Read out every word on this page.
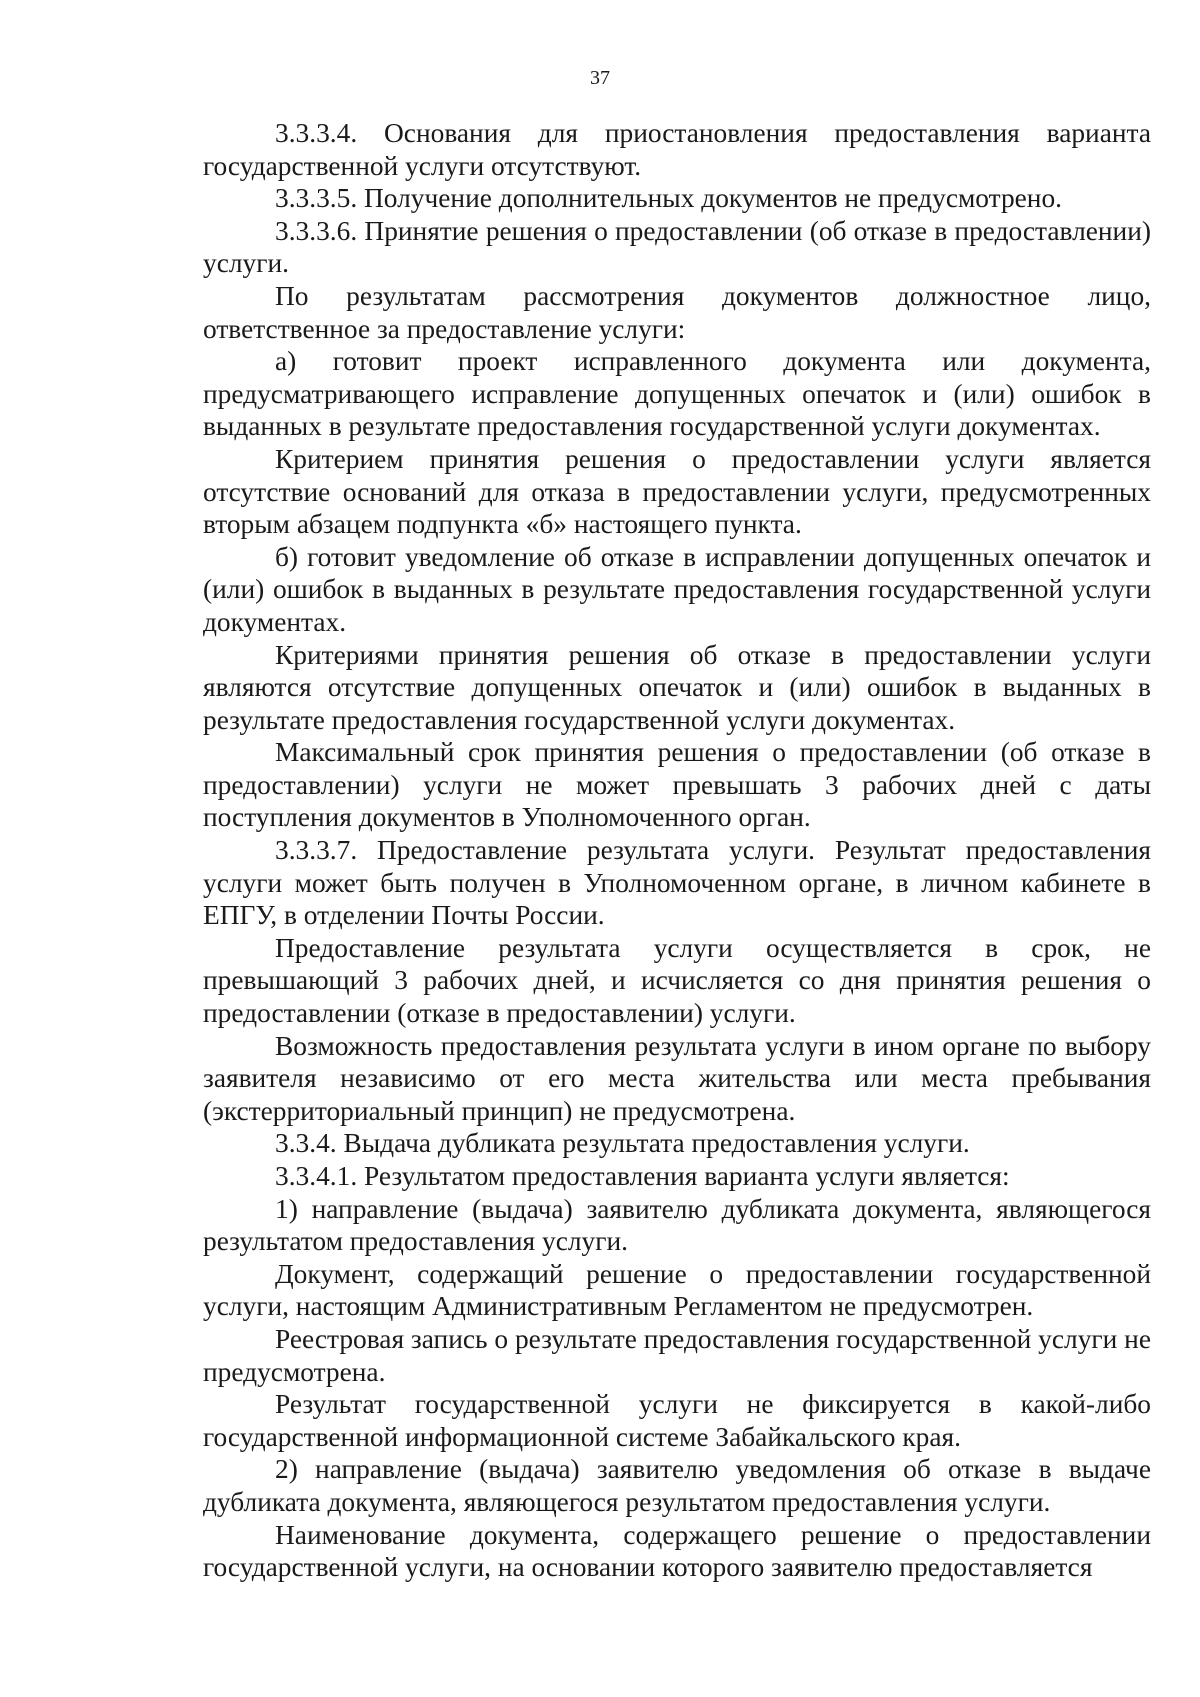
37

3.3.3.4. Основания для приостановления предоставления варианта государственной услуги отсутствуют.

3.3.3.5. Получение дополнительных документов не предусмотрено.

3.3.3.6. Принятие решения о предоставлении (об отказе в предоставлении) услуги.

По результатам рассмотрения документов должностное лицо, ответственное за предоставление услуги:

а) готовит проект исправленного документа или документа, предусматривающего исправление допущенных опечаток и (или) ошибок в выданных в результате предоставления государственной услуги документах.

Критерием принятия решения о предоставлении услуги является отсутствие оснований для отказа в предоставлении услуги, предусмотренных вторым абзацем подпункта «б» настоящего пункта.

б) готовит уведомление об отказе в исправлении допущенных опечаток и (или) ошибок в выданных в результате предоставления государственной услуги документах.

Критериями принятия решения об отказе в предоставлении услуги являются отсутствие допущенных опечаток и (или) ошибок в выданных в результате предоставления государственной услуги документах.

Максимальный срок принятия решения о предоставлении (об отказе в предоставлении) услуги не может превышать 3 рабочих дней с даты поступления документов в Уполномоченного орган.

3.3.3.7. Предоставление результата услуги. Результат предоставления услуги может быть получен в Уполномоченном органе, в личном кабинете в ЕПГУ, в отделении Почты России.

Предоставление результата услуги осуществляется в срок, не превышающий 3 рабочих дней, и исчисляется со дня принятия решения о предоставлении (отказе в предоставлении) услуги.

Возможность предоставления результата услуги в ином органе по выбору заявителя независимо от его места жительства или места пребывания (экстерриториальный принцип) не предусмотрена.

3.3.4. Выдача дубликата результата предоставления услуги.

3.3.4.1. Результатом предоставления варианта услуги является:

1) направление (выдача) заявителю дубликата документа, являющегося результатом предоставления услуги.

Документ, содержащий решение о предоставлении государственной услуги, настоящим Административным Регламентом не предусмотрен.

Реестровая запись о результате предоставления государственной услуги не предусмотрена.

Результат государственной услуги не фиксируется в какой-либо государственной информационной системе Забайкальского края.

2) направление (выдача) заявителю уведомления об отказе в выдаче дубликата документа, являющегося результатом предоставления услуги.

Наименование документа, содержащего решение о предоставлении государственной услуги, на основании которого заявителю предоставляется
